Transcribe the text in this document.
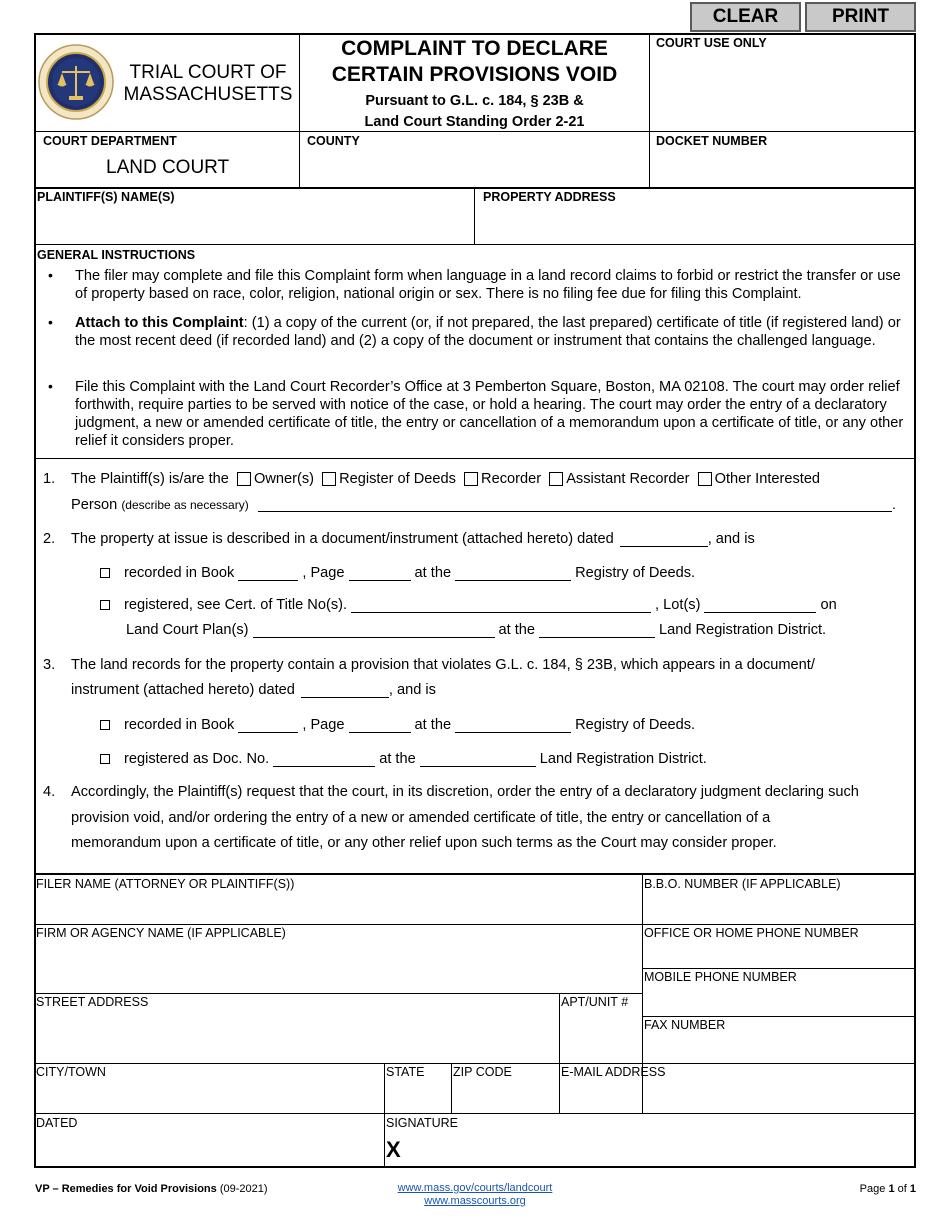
CLEAR	PRINT
TRIAL COURT OF
MASSACHUSETTS
COMPLAINT TO DECLARE
CERTAIN PROVISIONS VOID
Pursuant to G.L. c. 184, § 23B &
Land Court Standing Order 2-21
COURT USE ONLY
COURT DEPARTMENT
LAND COURT
COUNTY	DOCKET NUMBER
PLAINTIFF(S) NAME(S)	PROPERTY ADDRESS
GENERAL INSTRUCTIONS
• The filer may complete and file this Complaint form when language in a land record claims to forbid or restrict the transfer or use of property based on race, color, religion, national origin or sex. There is no filing fee due for filing this Complaint.
• Attach to this Complaint: (1) a copy of the current (or, if not prepared, the last prepared) certificate of title (if registered land) or the most recent deed (if recorded land) and (2) a copy of the document or instrument that contains the challenged language.
• File this Complaint with the Land Court Recorder’s Office at 3 Pemberton Square, Boston, MA 02108. The court may order relief forthwith, require parties to be served with notice of the case, or hold a hearing. The court may order the entry of a declaratory judgment, a new or amended certificate of title, the entry or cancellation of a memorandum upon a certificate of title, or any other relief it considers proper.
1. The Plaintiff(s) is/are the
Owner(s)
Register of Deeds
Recorder
Assistant Recorder
Other Interested
Person
(describe as necessary)	.
2. The property at issue is described in a document/instrument (attached hereto) dated	, and is
recorded in Book	, Page	at the	Registry of Deeds.
registered, see Cert. of Title No(s).	, Lot(s)	on
Land Court Plan(s)	at the	Land Registration District.
3. The land records for the property contain a provision that violates G.L. c. 184, § 23B, which appears in a document/
instrument (attached hereto) dated	, and is
recorded in Book	, Page	at the	Registry of Deeds.
registered as Doc. No.	at the	Land Registration District.
4. Accordingly, the Plaintiff(s) request that the court, in its discretion, order the entry of a declaratory judgment declaring such
provision void, and/or ordering the entry of a new or amended certificate of title, the entry or cancellation of a
memorandum upon a certificate of title, or any other relief upon such terms as the Court may consider proper.
FILER NAME (ATTORNEY OR PLAINTIFF(S))	B.B.O. NUMBER (IF APPLICABLE)
FIRM OR AGENCY NAME (IF APPLICABLE)	OFFICE OR HOME PHONE NUMBER
MOBILE PHONE NUMBER
STREET ADDRESS	APT/UNIT #
FAX NUMBER
CITY/TOWN	STATE ZIP CODE	E-MAIL ADDRESS
DATED	SIGNATURE
X
VP – Remedies for Void Provisions (09-2021)	www.mass.gov/courts/landcourt
www.masscourts.org
Page 1 of 1
